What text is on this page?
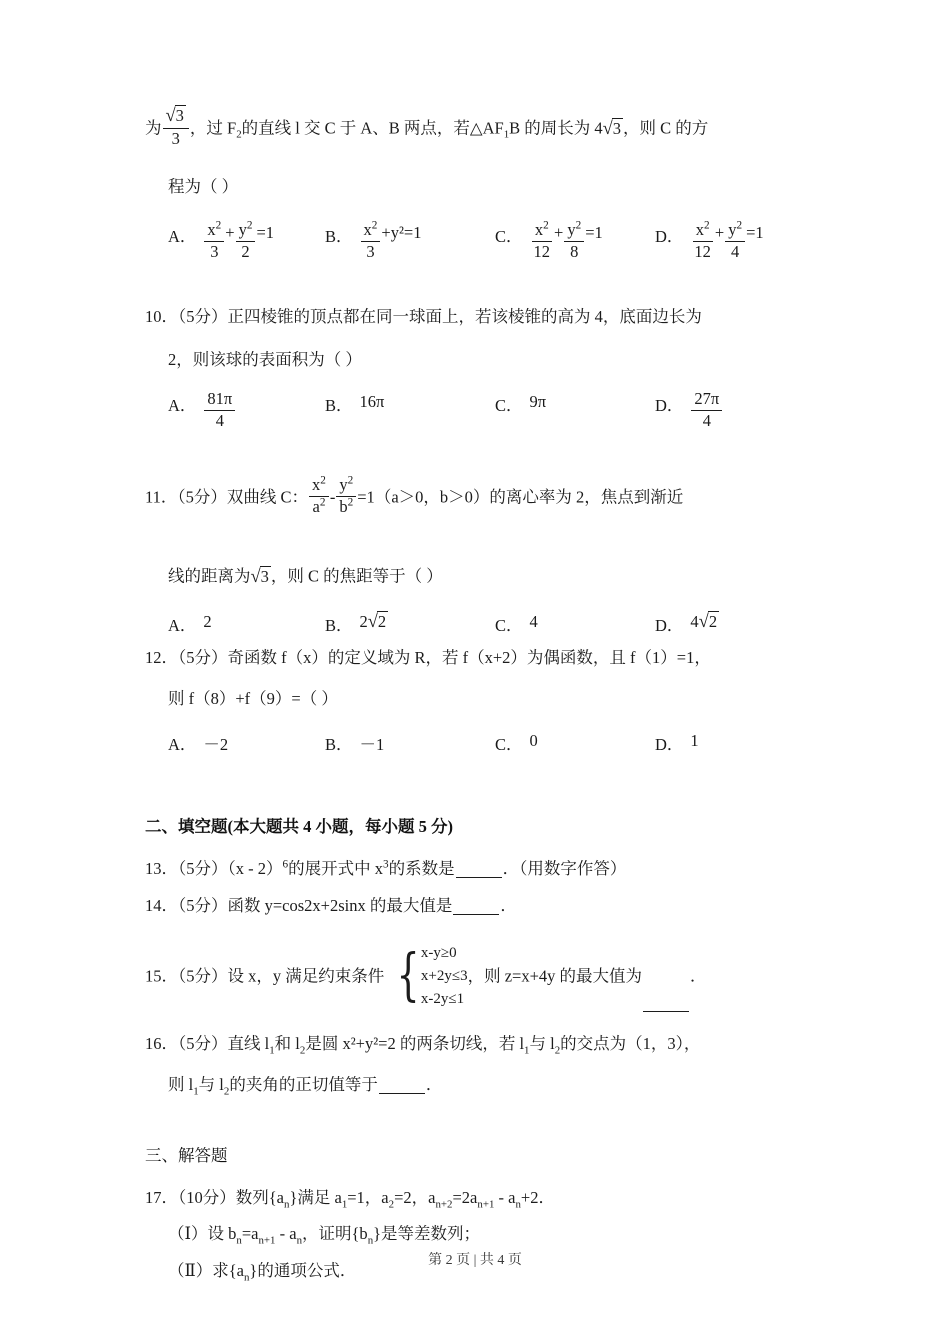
为 $\frac{√ 3}{3}$ ，过 $F_2$的直线 l 交 C 于 A、B 两点，若$\triangle AF_1B$ 的周长为 4 √ 3 ，则 C 的方
程为（ ）
A． $\frac{x^2}{3} + \frac{y^2}{2} =1$	B． $\frac{x^2}{3} + y^2 =1$	C． $\frac{x^2}{12} + \frac{y^2}{8} =1$	D． $\frac{x^2}{12} + \frac{y^2}{4} =1$
10．（5分）正四棱锥的顶点都在同一球面上，若该棱锥的高为 4，底面边长为
2，则该球的表面积为（ ）
A． $\frac{81\pi}{4}$	B． 16π	C． 9π	D． $\frac{27\pi}{4}$
11．（5分）双曲线 C： $\frac{x^2}{a^2} - \frac{y^2}{b^2} =1(a>0$，b＞0）的离心率为 2，焦点到渐近
线的距离为 √ 3 ，则 C 的焦距等于（ ）
A． 2	B． 2 √ 2	C． 4	D． 4 √ 2
12．（5分）奇函数 f（x）的定义域为 R，若 f（x+2）为偶函数，且 f（1）=1，
则 f（8）+f（9）=（ ）
A． －2	B． －1	C． 0	D． 1
二、填空题(本大题共 4 小题，每小题 5 分)
13．（5分）（x - 2）$^6$的展开式中 $x^3$的系数是	．（用数字作答）
14．（5分）函数 y=cos2x+2sinx 的最大值是	．
15．（5分）设 x，y 满足约束条件 { x-y≥0
x+2y≤3
x-2y≤1
，则 z=x+4y 的最大值为	．
16．（5分）直线 $l_1$和 $l_2$是圆 x²+y²=2 的两条切线，若 $l_1$与 $l_2$的交点为（1，3），
则 $l_1$与 $l_2$的夹角的正切值等于	．
三、解答题
17．（10分）数列$\{a_n\}$满足 $a_1=1$，$a_2=2$，$a_{n+2}=2a_{n+1} - a_n+2$．
（Ⅰ）设 $b_n=a_{n+1} - a_n$，证明$\{b_n\}$是等差数列；
（Ⅱ）求$\{a_n\}$的通项公式．
第 2 页 | 共 4 页
